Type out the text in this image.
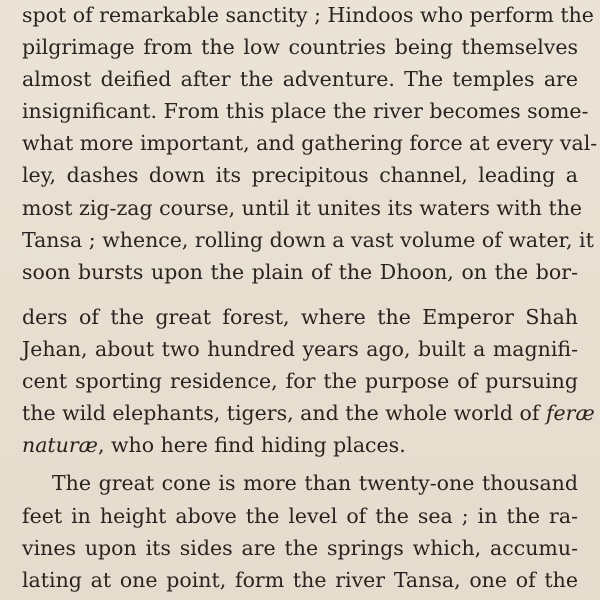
spot of remarkable sanctity ; Hindoos who perform the
pilgrimage from the low countries being themselves
almost deified after the adventure. The temples are
insignificant. From this place the river becomes some-
what more important, and gathering force at every val-
ley, dashes down its precipitous channel, leading a
most zig-zag course, until it unites its waters with the
Tansa ; whence, rolling down a vast volume of water, it
soon bursts upon the plain of the Dhoon, on the bor-
ders of the great forest, where the Emperor Shah
Jehan, about two hundred years ago, built a magnifi-
cent sporting residence, for the purpose of pursuing
the wild elephants, tigers, and the whole world of feræ
naturæ, who here find hiding places.
The great cone is more than twenty-one thousand
feet in height above the level of the sea ; in the ra-
vines upon its sides are the springs which, accumu-
lating at one point, form the river Tansa, one of the
